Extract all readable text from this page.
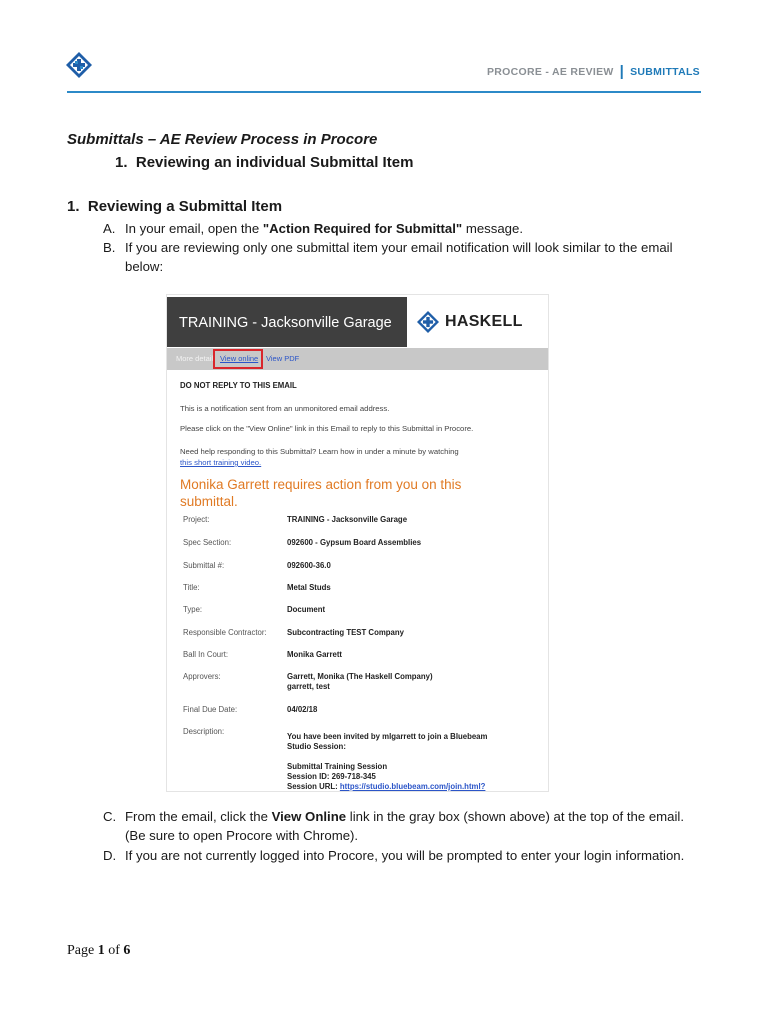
PROCORE - AE REVIEW | SUBMITTALS
Submittals – AE Review Process in Procore
1. Reviewing an individual Submittal Item
1. Reviewing a Submittal Item
A. In your email, open the "Action Required for Submittal" message.
B. If you are reviewing only one submittal item your email notification will look similar to the email below:
TRAINING - Jacksonville Garage	HASKELL
More detail View online View PDF
DO NOT REPLY TO THIS EMAIL
This is a notification sent from an unmonitored email address.
Please click on the "View Online" link in this Email to reply to this Submittal in Procore.
Need help responding to this Submittal? Learn how in under a minute by watching
this short training video.
Monika Garrett requires action from you on this submittal.
Project:	TRAINING - Jacksonville Garage
Spec Section:	092600 - Gypsum Board Assemblies
Submittal #:	092600-36.0
Title:	Metal Studs
Type:	Document
Responsible Contractor:	Subcontracting TEST Company
Ball In Court:	Monika Garrett
Approvers:	Garrett, Monika (The Haskell Company)
garrett, test
Final Due Date:	04/02/18
Description:
You have been invited by mlgarrett to join a Bluebeam
Studio Session:

Submittal Training Session
Session ID: 269-718-345
Session URL: https://studio.bluebeam.com/join.html?
C. From the email, click the View Online link in the gray box (shown above) at the top of the email. (Be sure to open Procore with Chrome).
D. If you are not currently logged into Procore, you will be prompted to enter your login information.
Page 1 of 6
